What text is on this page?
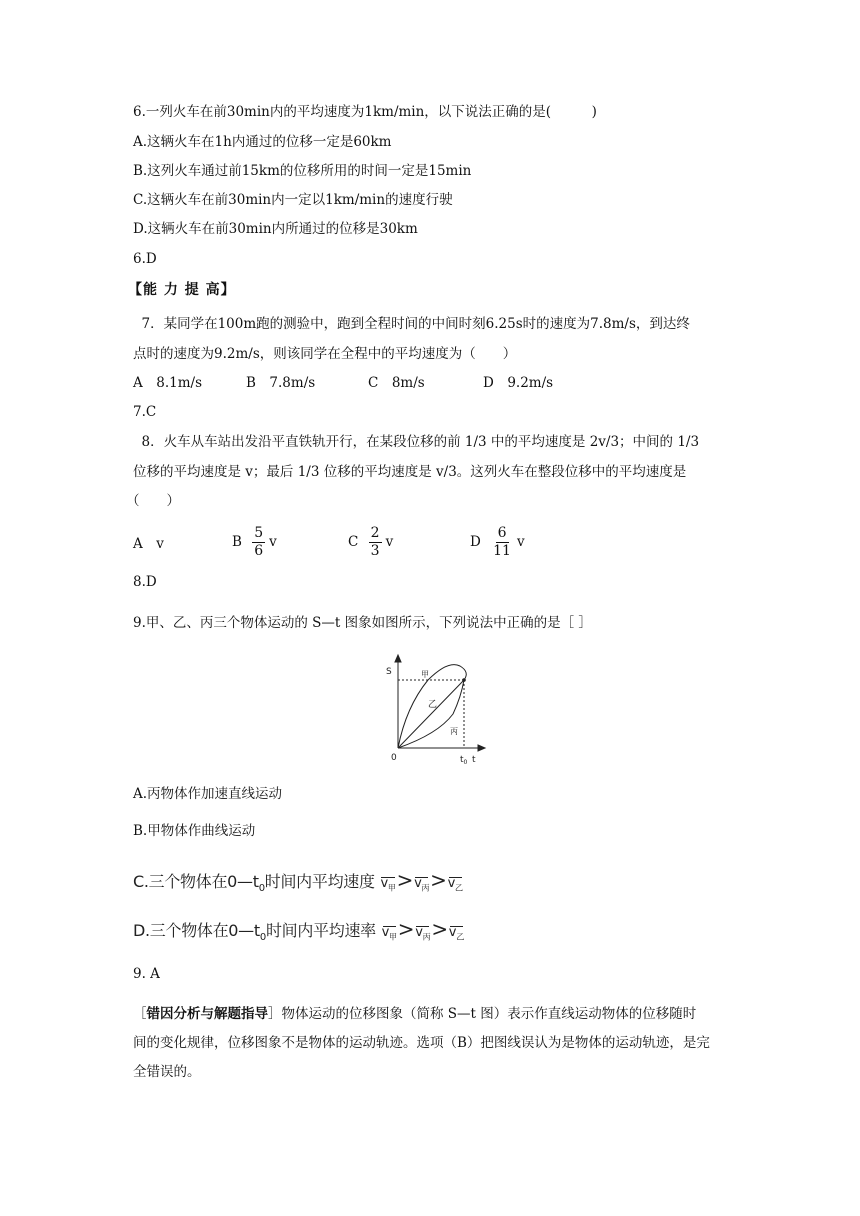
6.一列火车在前30min内的平均速度为1km/min，以下说法正确的是(　　　)
A.这辆火车在1h内通过的位移一定是60km
B.这列火车通过前15km的位移所用的时间一定是15min
C.这辆火车在前30min内一定以1km/min的速度行驶
D.这辆火车在前30min内所通过的位移是30km
6.D
【能 力 提 高】
　7．某同学在100m跑的测验中，跑到全程时间的中间时刻6.25s时的速度为7.8m/s，到达终
点时的速度为9.2m/s，则该同学在全程中的平均速度为（　　）
A　8.1m/s	B　7.8m/s	C　8m/s	D　9.2m/s
7.C
　8．火车从车站出发沿平直铁轨开行，在某段位移的前 1/3 中的平均速度是 2v/3；中间的 1/3
位移的平均速度是 v；最后 1/3 位移的平均速度是 v/3。这列火车在整段位移中的平均速度是
（　　）
A　v	B $\frac{5}{6}$ v	C $\frac{2}{3}$ v	D $\frac{6}{11}$ v
8.D
9.甲、乙、丙三个物体运动的 S—t 图象如图所示，下列说法中正确的是［ ］
S
t
0	$t_0$
甲
乙
丙
A.丙物体作加速直线运动
B.甲物体作曲线运动
C.三个物体在$0—t_0$时间内平均速度 $v_甲>v_丙>v_乙$
D.三个物体在$0—t_0$时间内平均速率 $v_甲>v_丙>v_乙$
9. A
［错因分析与解题指导］物体运动的位移图象（简称 S—t 图）表示作直线运动物体的位移随时
间的变化规律，位移图象不是物体的运动轨迹。选项（B）把图线误认为是物体的运动轨迹，是完
全错误的。
